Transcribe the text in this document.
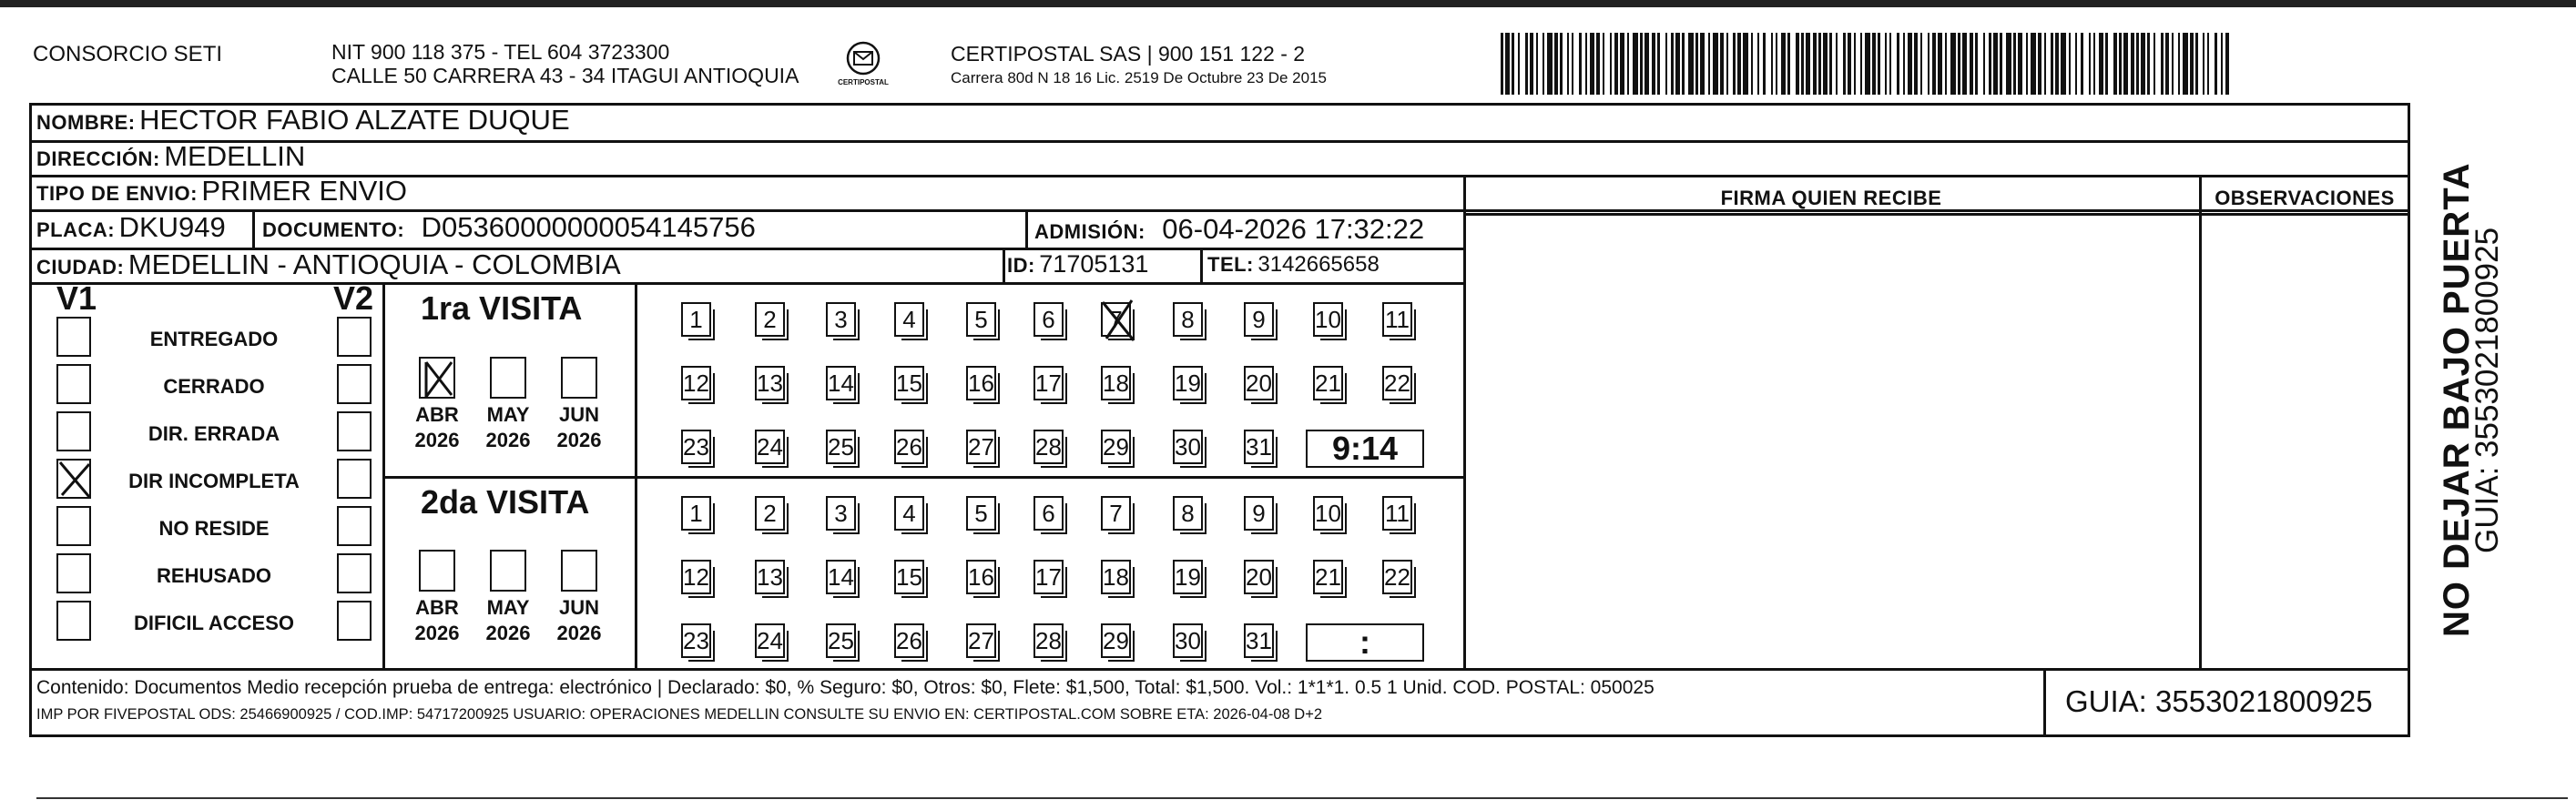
CONSORCIO SETI	NIT 900 118 375 - TEL 604 3723300
CALLE 50 CARRERA 43 - 34 ITAGUI ANTIOQUIA	CERTIPOSTAL
CERTIPOSTAL SAS | 900 151 122 - 2
Carrera 80d N 18 16 Lic. 2519 De Octubre 23 De 2015
NOMBRE: HECTOR FABIO ALZATE DUQUE
DIRECCIÓN: MEDELLIN
TIPO DE ENVIO: PRIMER ENVIO
PLACA: DKU949 DOCUMENTO: D05360000000054145756	ADMISIÓN: 06-04-2026 17:32:22
CIUDAD: MEDELLIN - ANTIOQUIA - COLOMBIA	ID: 71705131	TEL: 3142665658
FIRMA QUIEN RECIBE	OBSERVACIONES
V1	V2
ENTREGADO
CERRADO
DIR. ERRADA
DIR INCOMPLETA
NO RESIDE
REHUSADO
DIFICIL ACCESO
1ra VISITA
ABR
2026
MAY
2026
JUN
2026
1	2	3	4	5	6	7	8	9	10 11
12 13 14 15 16 17 18 19 20 21 22
23 24 25 26 27 28 29 30 31	9:14
2da VISITA
ABR
2026
MAY
2026
JUN
2026
1	2	3	4	5	6	7	8	9	10 11
12 13 14 15 16 17 18 19 20 21 22
23 24 25 26 27 28 29 30 31	:
Contenido: Documentos Medio recepción prueba de entrega: electrónico | Declarado: $0, % Seguro: $0, Otros: $0, Flete: $1,500, Total: $1,500. Vol.: 1*1*1. 0.5 1 Unid. COD. POSTAL: 050025
IMP POR FIVEPOSTAL ODS: 25466900925 / COD.IMP: 54717200925 USUARIO: OPERACIONES MEDELLIN CONSULTE SU ENVIO EN: CERTIPOSTAL.COM SOBRE ETA: 2026-04-08 D+2	GUIA: 3553021800925
NO DEJAR BAJO PUERTA
GUIA: 3553021800925
